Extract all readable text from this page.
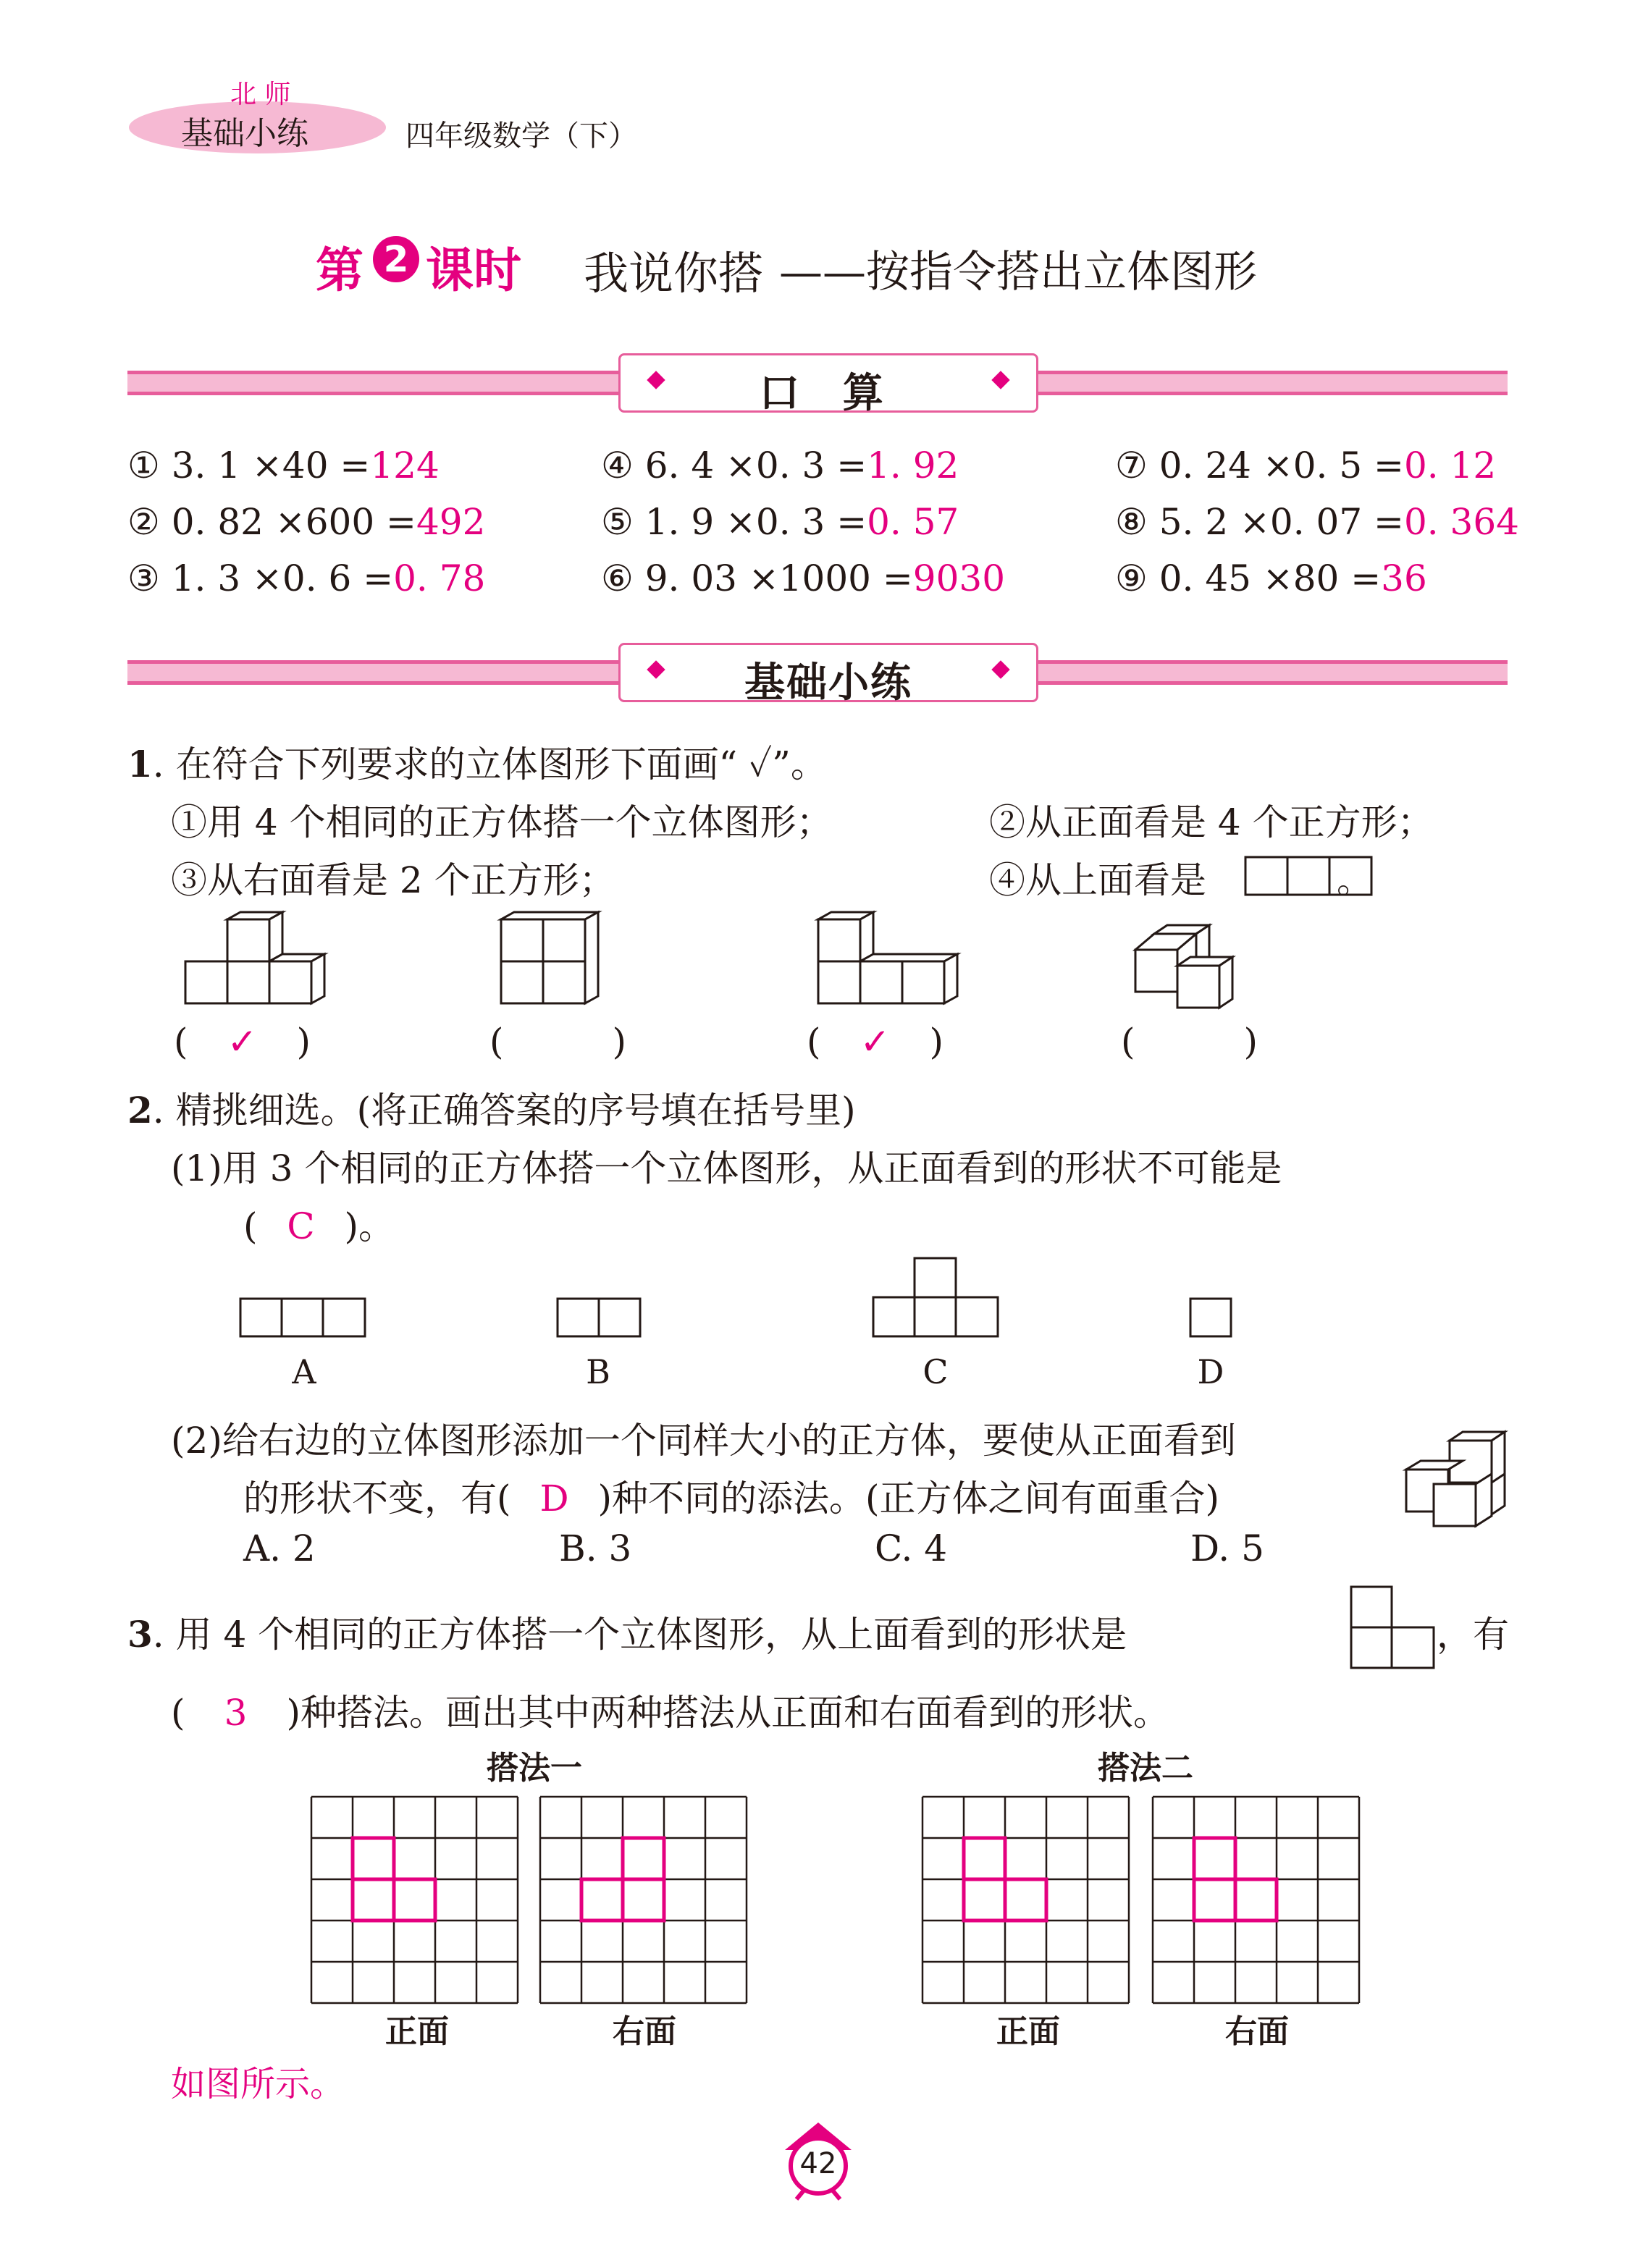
北 师
基础小练	四年级数学（下）
第 2 课时 我说你搭 ——按指令搭出立体图形
口 算
① 3. 1 ×40 =124	④ 6. 4 ×0. 3 =1. 92	⑦ 0. 24 ×0. 5 =0. 12
② 0. 82 ×600 =492	⑤ 1. 9 ×0. 3 =0. 57	⑧ 5. 2 ×0. 07 =0. 364
③ 1. 3 ×0. 6 =0. 78	⑥ 9. 03 ×1000 =9030	⑨ 0. 45 ×80 =36
基础小练
1. 在符合下列要求的立体图形下面画“ ✓”。
①用 4 个相同的正方体搭一个立体图形；	②从正面看是 4 个正方形；
③从右面看是 2 个正方形；	④从上面看是	。
( ✓ )	(	)	( ✓ )	(	)
2. 精挑细选。(将正确答案的序号填在括号里)
(1)用 3 个相同的正方体搭一个立体图形，从正面看到的形状不可能是
( C )。
A	B	C	D
(2)给右边的立体图形添加一个同样大小的正方体，要使从正面看到
的形状不变，有( D )种不同的添法。(正方体之间有面重合)
A. 2	B. 3	C. 4	D. 5
3. 用 4 个相同的正方体搭一个立体图形，从上面看到的形状是	，有
( 3 )种搭法。画出其中两种搭法从正面和右面看到的形状。
搭法一	搭法二
正面	右面	正面	右面
如图所示。
42
